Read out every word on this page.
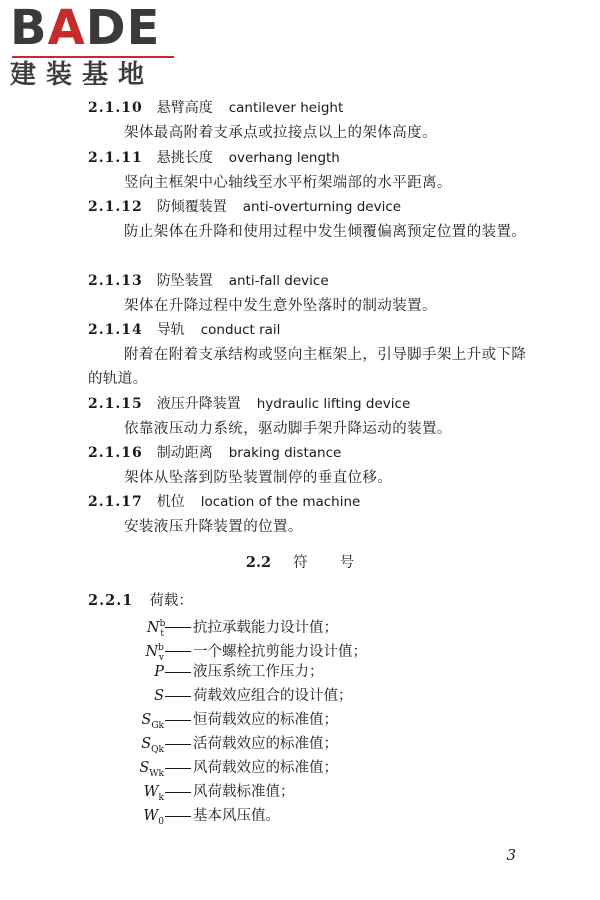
BADE
建装基地
2.1.10 悬臂高度 cantilever height
架体最高附着支承点或拉接点以上的架体高度。
2.1.11 悬挑长度 overhang length
竖向主框架中心轴线至水平桁架端部的水平距离。
2.1.12 防倾覆装置 anti-overturning device
防止架体在升降和使用过程中发生倾覆偏离预定位置的装置。
2.1.13 防坠装置 anti-fall device
架体在升降过程中发生意外坠落时的制动装置。
2.1.14 导轨 conduct rail
附着在附着支承结构或竖向主框架上，引导脚手架上升或下降的轨道。
2.1.15 液压升降装置 hydraulic lifting device
依靠液压动力系统，驱动脚手架升降运动的装置。
2.1.16 制动距离 braking distance
架体从坠落到防坠装置制停的垂直位移。
2.1.17 机位 location of the machine
安装液压升降装置的位置。
2.2 符 号
2.2.1 荷载：
$N^b_t$ 抗拉承载能力设计值；
$N^b_v$ 一个螺栓抗剪能力设计值；
P 液压系统工作压力；
S 荷载效应组合的设计值；
$S_{Gk}$ 恒荷载效应的标准值；
$S_{Qk}$ 活荷载效应的标准值；
$S_{Wk}$ 风荷载效应的标准值；
$W_k$ 风荷载标准值；
$W_0$ 基本风压值。
3
